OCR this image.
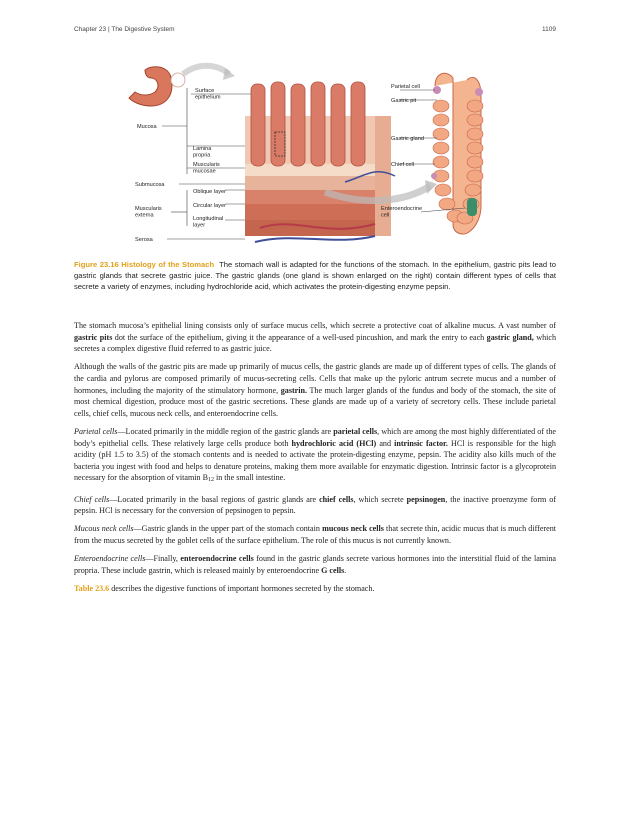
Chapter 23 | The Digestive System	1109
Surface epithelium
Mucosa
Lamina propria
Muscularis mucosae
Submucosa
Oblique layer
Circular layer
Longitudinal layer
Muscularis externa
Serosa
Parietal cell
Gastric pit
Gastric gland
Chief cell
Enteroendocrine cell
Figure 23.16 Histology of the Stomach The stomach wall is adapted for the functions of the stomach. In the epithelium, gastric pits lead to gastric glands that secrete gastric juice. The gastric glands (one gland is shown enlarged on the right) contain different types of cells that secrete a variety of enzymes, including hydrochloride acid, which activates the protein-digesting enzyme pepsin.

The stomach mucosa’s epithelial lining consists only of surface mucus cells, which secrete a protective coat of alkaline mucus. A vast number of gastric pits dot the surface of the epithelium, giving it the appearance of a well-used pincushion, and mark the entry to each gastric gland, which secretes a complex digestive fluid referred to as gastric juice.

Although the walls of the gastric pits are made up primarily of mucus cells, the gastric glands are made up of different types of cells. The glands of the cardia and pylorus are composed primarily of mucus-secreting cells. Cells that make up the pyloric antrum secrete mucus and a number of hormones, including the majority of the stimulatory hormone, gastrin. The much larger glands of the fundus and body of the stomach, the site of most chemical digestion, produce most of the gastric secretions. These glands are made up of a variety of secretory cells. These include parietal cells, chief cells, mucous neck cells, and enteroendocrine cells.

Parietal cells—Located primarily in the middle region of the gastric glands are parietal cells, which are among the most highly differentiated of the body’s epithelial cells. These relatively large cells produce both hydrochloric acid (HCl) and intrinsic factor. HCl is responsible for the high acidity (pH 1.5 to 3.5) of the stomach contents and is needed to activate the protein-digesting enzyme, pepsin. The acidity also kills much of the bacteria you ingest with food and helps to denature proteins, making them more available for enzymatic digestion. Intrinsic factor is a glycoprotein necessary for the absorption of vitamin $B_{12}$ in the small intestine.

Chief cells—Located primarily in the basal regions of gastric glands are chief cells, which secrete pepsinogen, the inactive proenzyme form of pepsin. HCl is necessary for the conversion of pepsinogen to pepsin.

Mucous neck cells—Gastric glands in the upper part of the stomach contain mucous neck cells that secrete thin, acidic mucus that is much different from the mucus secreted by the goblet cells of the surface epithelium. The role of this mucus is not currently known.

Enteroendocrine cells—Finally, enteroendocrine cells found in the gastric glands secrete various hormones into the interstitial fluid of the lamina propria. These include gastrin, which is released mainly by enteroendocrine G cells.

Table 23.6 describes the digestive functions of important hormones secreted by the stomach.
